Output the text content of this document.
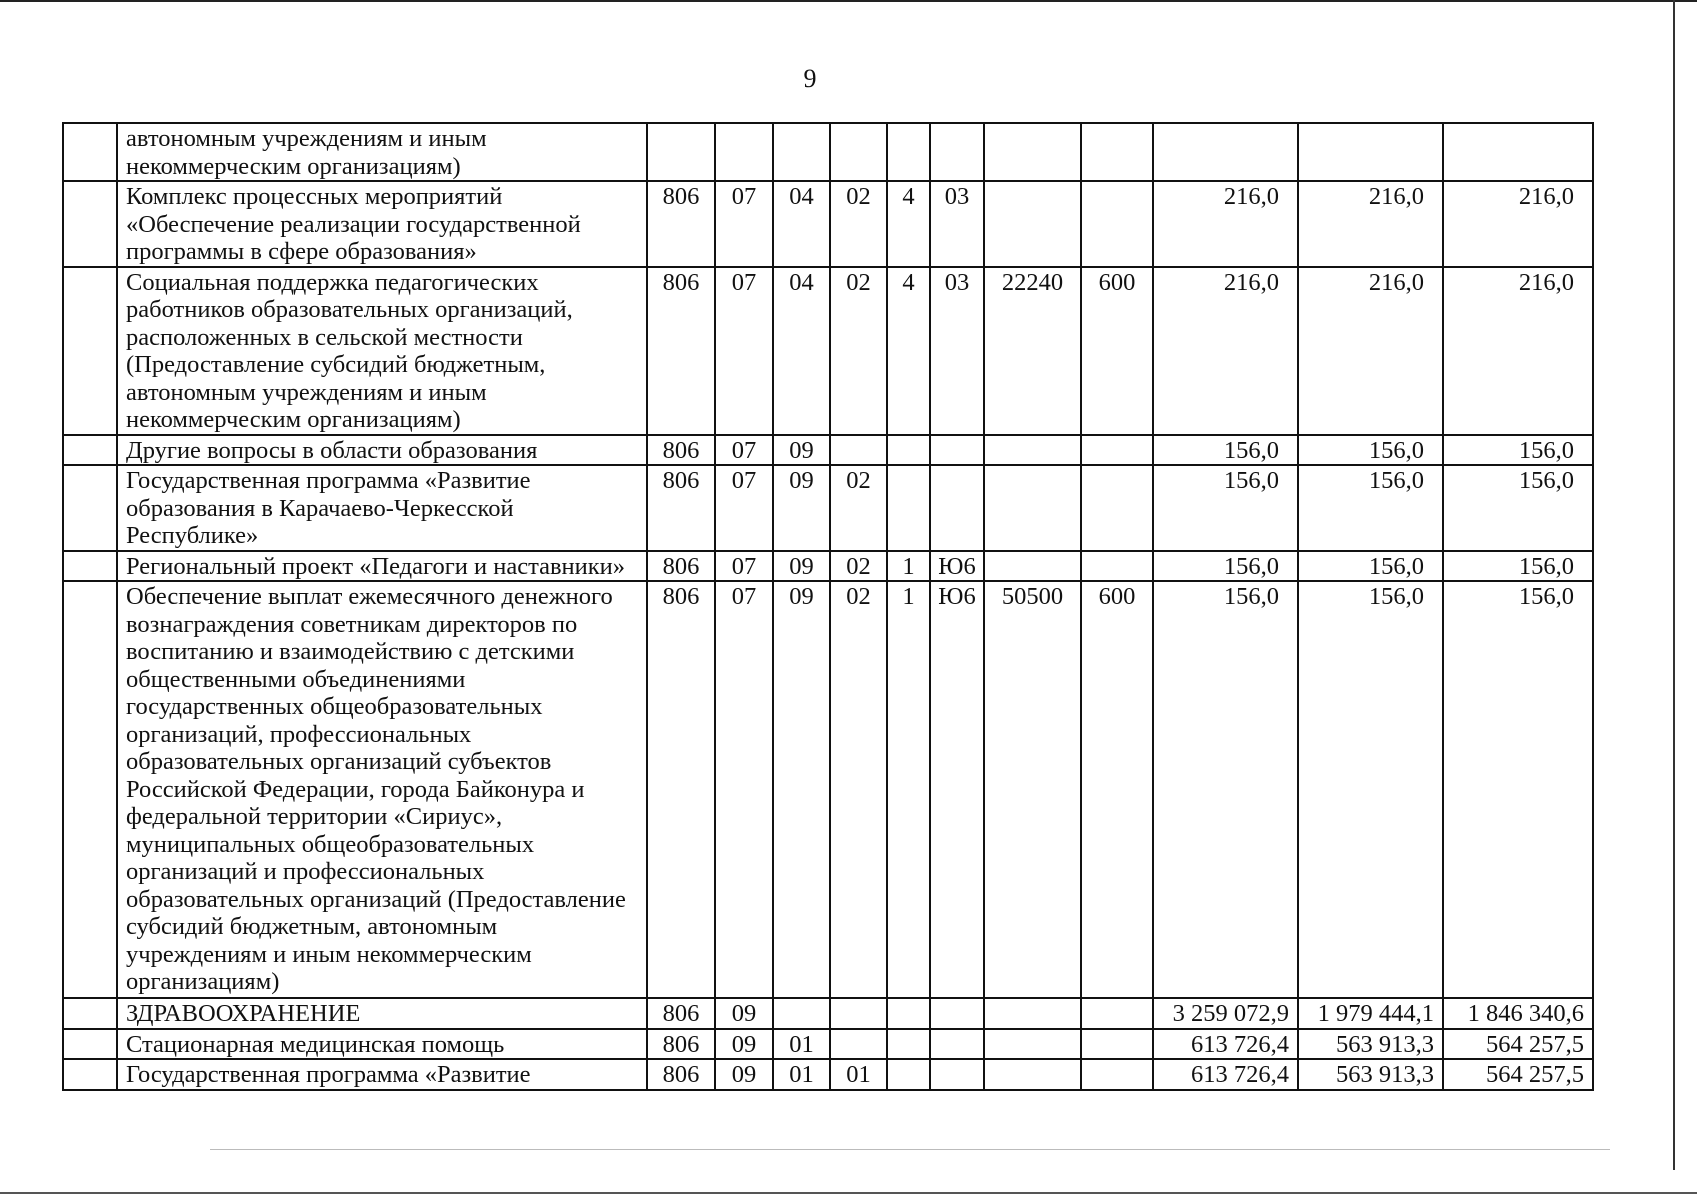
9
	автономным учреждениям и иным некоммерческим организациям)											
	Комплекс процессных мероприятий «Обеспечение реализации государственной программы в сфере образования»	806	07	04	02	4	03			216,0	216,0	216,0
	Социальная поддержка педагогических работников образовательных организаций, расположенных в сельской местности (Предоставление субсидий бюджетным, автономным учреждениям и иным некоммерческим организациям)	806	07	04	02	4	03	22240	600	216,0	216,0	216,0
	Другие вопросы в области образования	806	07	09						156,0	156,0	156,0
	Государственная программа «Развитие образования в Карачаево-Черкесской Республике»	806	07	09	02					156,0	156,0	156,0
	Региональный проект «Педагоги и наставники»	806	07	09	02	1	Ю6			156,0	156,0	156,0
	Обеспечение выплат ежемесячного денежного вознаграждения советникам директоров по воспитанию и взаимодействию с детскими общественными объединениями государственных общеобразовательных организаций, профессиональных образовательных организаций субъектов Российской Федерации, города Байконура и федеральной территории «Сириус», муниципальных общеобразовательных организаций и профессиональных образовательных организаций (Предоставление субсидий бюджетным, автономным учреждениям и иным некоммерческим организациям)	806	07	09	02	1	Ю6	50500	600	156,0	156,0	156,0
	ЗДРАВООХРАНЕНИЕ	806	09							3 259 072,9	1 979 444,1	1 846 340,6
	Стационарная медицинская помощь	806	09	01						613 726,4	563 913,3	564 257,5
	Государственная программа «Развитие	806	09	01	01					613 726,4	563 913,3	564 257,5
